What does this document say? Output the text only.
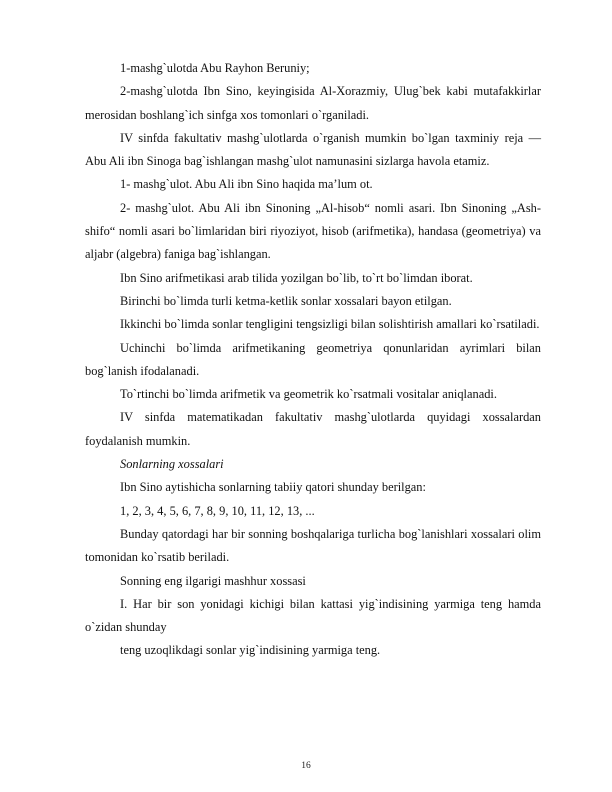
1-mashg`ulotda Abu Rayhon Beruniy;

2-mashg`ulotda Ibn Sino, keyingisida Al-Xorazmiy, Ulug`bek kabi mutafakkirlar merosidan boshlang`ich sinfga xos tomonlari o`rganiladi.

IV sinfda fakultativ mashg`ulotlarda o`rganish mumkin bo`lgan taxminiy reja — Abu Ali ibn Sinoga bag`ishlangan mashg`ulot namunasini sizlarga havola etamiz.

1- mashg`ulot. Abu Ali ibn Sino haqida ma’lum ot.

2- mashg`ulot. Abu Ali ibn Sinoning „Al-hisob“ nomli asari. Ibn Sinoning „Ash-shifo“ nomli asari bo`limlaridan biri riyoziyot, hisob (arifmetika), handasa (geometriya) va aljabr (algebra) faniga bag`ishlangan.

Ibn Sino arifmetikasi arab tilida yozilgan bo`lib, to`rt bo`limdan iborat.

Birinchi bo`limda turli ketma-ketlik sonlar xossalari bayon etilgan.

Ikkinchi bo`limda sonlar tengligini tengsizligi bilan solishtirish amallari ko`rsatiladi.

Uchinchi bo`limda arifmetikaning geometriya qonunlaridan ayrimlari bilan bog`lanish ifodalanadi.

To`rtinchi bo`limda arifmetik va geometrik ko`rsatmali vositalar aniqlanadi.

IV sinfda matematikadan fakultativ mashg`ulotlarda quyidagi xossalardan foydalanish mumkin.

Sonlarning xossalari

Ibn Sino aytishicha sonlarning tabiiy qatori shunday berilgan:

1, 2, 3, 4, 5, 6, 7, 8, 9, 10, 11, 12, 13, ...

Bunday qatordagi har bir sonning boshqalariga turlicha bog`lanishlari xossalari olim tomonidan ko`rsatib beriladi.

Sonning eng ilgarigi mashhur xossasi

I. Har bir son yonidagi kichigi bilan kattasi yig`indisining yarmiga teng hamda o`zidan shunday

teng uzoqlikdagi sonlar yig`indisining yarmiga teng.

16
